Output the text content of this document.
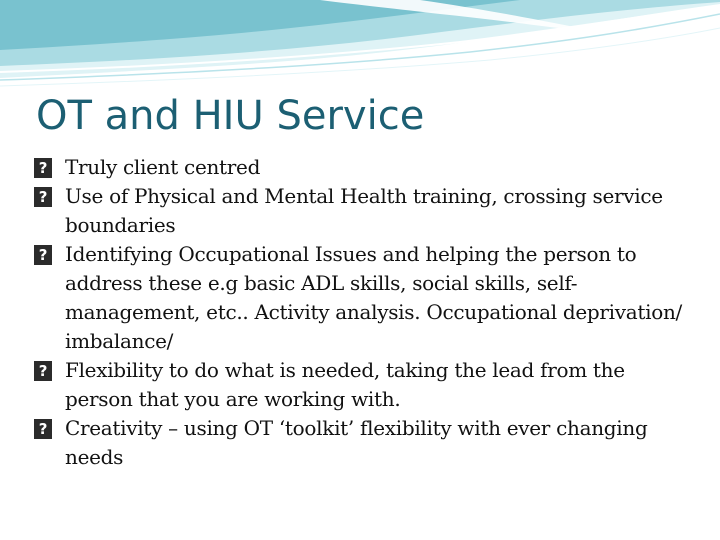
OT and HIU Service
? Truly client centred
? Use of Physical and Mental Health training, crossing service boundaries
? Identifying Occupational Issues and helping the person to address these e.g basic ADL skills, social skills, self-management, etc.. Activity analysis. Occupational deprivation/ imbalance/
? Flexibility to do what is needed, taking the lead from the person that you are working with.
? Creativity – using OT ‘toolkit’ flexibility with ever changing needs
